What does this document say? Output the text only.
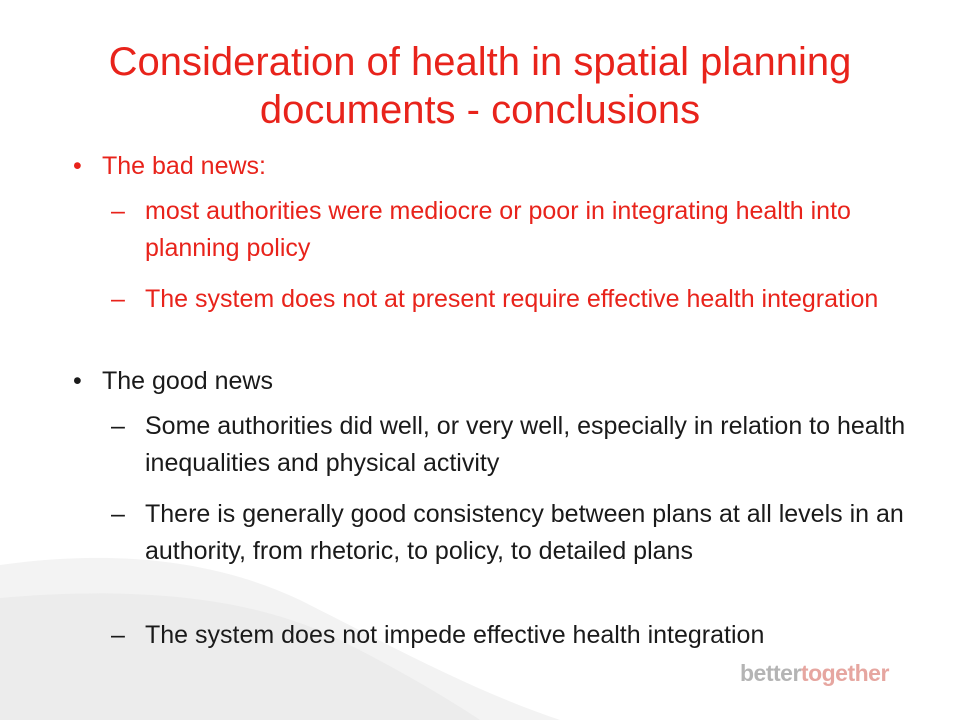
Consideration of health in spatial planning documents - conclusions
• The bad news:
– most authorities were mediocre or poor in integrating health into planning policy
– The system does not at present require effective health integration
• The good news
– Some authorities did well, or very well, especially in relation to health inequalities and physical activity
– There is generally good consistency between plans at all levels in an authority, from rhetoric, to policy, to detailed plans
– The system does not impede effective health integration
bettertogether
